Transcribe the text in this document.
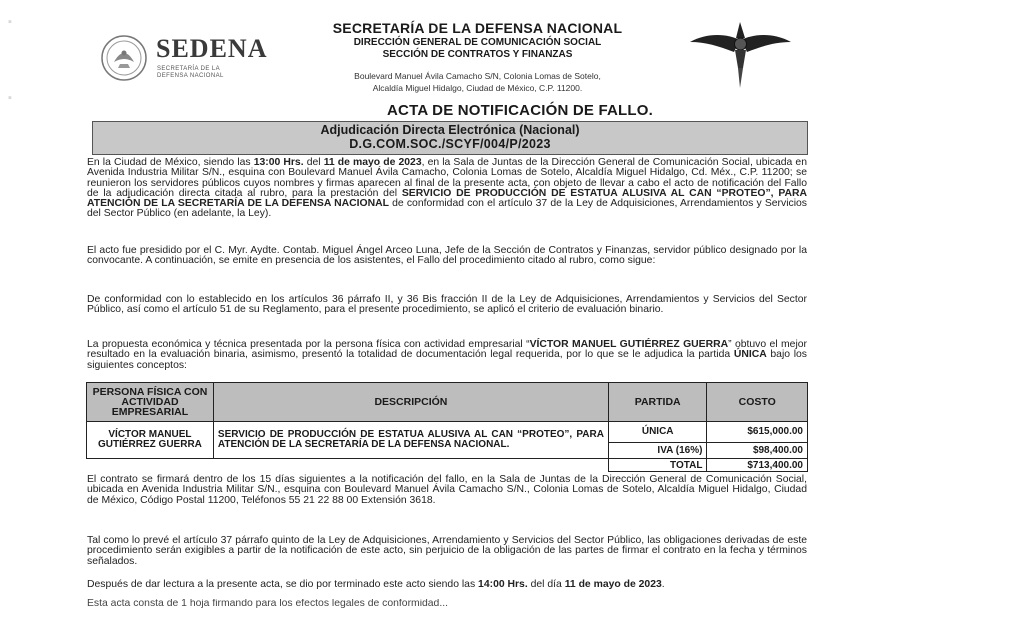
▪
▪
SEDENA
SECRETARÍA DE LA DEFENSA NACIONAL
SECRETARÍA DE LA DEFENSA NACIONAL
DIRECCIÓN GENERAL DE COMUNICACIÓN SOCIAL
SECCIÓN DE CONTRATOS Y FINANZAS
Boulevard Manuel Ávila Camacho S/N, Colonia Lomas de Sotelo,
Alcaldía Miguel Hidalgo, Ciudad de México, C.P. 11200.
ACTA DE NOTIFICACIÓN DE FALLO.
Adjudicación Directa Electrónica (Nacional)
D.G.COM.SOC./SCYF/004/P/2023
En la Ciudad de México, siendo las 13:00 Hrs. del 11 de mayo de 2023, en la Sala de Juntas de la Dirección General de Comunicación Social, ubicada en Avenida Industria Militar S/N., esquina con Boulevard Manuel Ávila Camacho, Colonia Lomas de Sotelo, Alcaldía Miguel Hidalgo, Cd. Méx., C.P. 11200; se reunieron los servidores públicos cuyos nombres y firmas aparecen al final de la presente acta, con objeto de llevar a cabo el acto de notificación del Fallo de la adjudicación directa citada al rubro, para la prestación del SERVICIO DE PRODUCCIÓN DE ESTATUA ALUSIVA AL CAN “PROTEO”, PARA ATENCIÓN DE LA SECRETARÍA DE LA DEFENSA NACIONAL de conformidad con el artículo 37 de la Ley de Adquisiciones, Arrendamientos y Servicios del Sector Público (en adelante, la Ley).
El acto fue presidido por el C. Myr. Aydte. Contab. Miguel Ángel Arceo Luna, Jefe de la Sección de Contratos y Finanzas, servidor público designado por la convocante. A continuación, se emite en presencia de los asistentes, el Fallo del procedimiento citado al rubro, como sigue:
De conformidad con lo establecido en los artículos 36 párrafo II, y 36 Bis fracción II de la Ley de Adquisiciones, Arrendamientos y Servicios del Sector Público, así como el artículo 51 de su Reglamento, para el presente procedimiento, se aplicó el criterio de evaluación binario.
La propuesta económica y técnica presentada por la persona física con actividad empresarial “VÍCTOR MANUEL GUTIÉRREZ GUERRA” obtuvo el mejor resultado en la evaluación binaria, asimismo, presentó la totalidad de documentación legal requerida, por lo que se le adjudica la partida ÚNICA bajo los siguientes conceptos:
PERSONA FÍSICA CON ACTIVIDAD EMPRESARIAL	DESCRIPCIÓN	PARTIDA	COSTO
VÍCTOR MANUEL GUTIÉRREZ GUERRA	SERVICIO DE PRODUCCIÓN DE ESTATUA ALUSIVA AL CAN “PROTEO”, PARA ATENCIÓN DE LA SECRETARÍA DE LA DEFENSA NACIONAL.	ÚNICA	$615,000.00
		IVA (16%)	$98,400.00
		TOTAL	$713,400.00
El contrato se firmará dentro de los 15 días siguientes a la notificación del fallo, en la Sala de Juntas de la Dirección General de Comunicación Social, ubicada en Avenida Industria Militar S/N., esquina con Boulevard Manuel Ávila Camacho S/N., Colonia Lomas de Sotelo, Alcaldía Miguel Hidalgo, Ciudad de México, Código Postal 11200, Teléfonos 55 21 22 88 00 Extensión 3618.
Tal como lo prevé el artículo 37 párrafo quinto de la Ley de Adquisiciones, Arrendamiento y Servicios del Sector Público, las obligaciones derivadas de este procedimiento serán exigibles a partir de la notificación de este acto, sin perjuicio de la obligación de las partes de firmar el contrato en la fecha y términos señalados.
Después de dar lectura a la presente acta, se dio por terminado este acto siendo las 14:00 Hrs. del día 11 de mayo de 2023.
Esta acta consta de 1 hoja firmando para los efectos legales de conformidad...
